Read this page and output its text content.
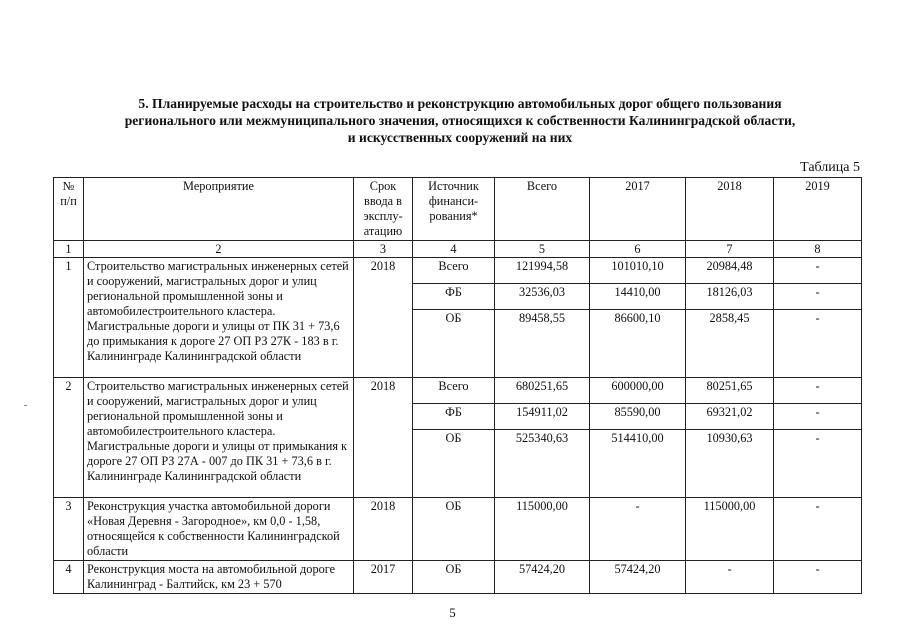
5. Планируемые расходы на строительство и реконструкцию автомобильных дорог общего пользования
регионального или межмуниципального значения, относящихся к собственности Калининградской области,
и искусственных сооружений на них
Таблица 5
№ п/п	Мероприятие	Срок ввода в эксплу-атацию	Источник финанси-рования*	Всего	2017	2018	2019
1	2	3	4	5	6	7	8
1	Строительство магистральных инженерных сетей и сооружений, магистральных дорог и улиц региональной промышленной зоны и автомобилестроительного кластера. Магистральные дороги и улицы от ПК 31 + 73,6 до примыкания к дороге 27 ОП РЗ 27К - 183 в г. Калининграде Калининградской области	2018	Всего	121994,58	101010,10	20984,48	-
			ФБ	32536,03	14410,00	18126,03	-
			ОБ	89458,55	86600,10	2858,45	-
2	Строительство магистральных инженерных сетей и сооружений, магистральных дорог и улиц региональной промышленной зоны и автомобилестроительного кластера. Магистральные дороги и улицы от примыкания к дороге 27 ОП РЗ 27А - 007 до ПК 31 + 73,6 в г. Калининграде Калининградской области	2018	Всего	680251,65	600000,00	80251,65	-
			ФБ	154911,02	85590,00	69321,02	-
			ОБ	525340,63	514410,00	10930,63	-
3	Реконструкция участка автомобильной дороги «Новая Деревня - Загородное», км 0,0 - 1,58, относящейся к собственности Калининградской области	2018	ОБ	115000,00	-	115000,00	-
4	Реконструкция моста на автомобильной дороге Калининград - Балтийск, км 23 + 570	2017	ОБ	57424,20	57424,20	-	-
5
